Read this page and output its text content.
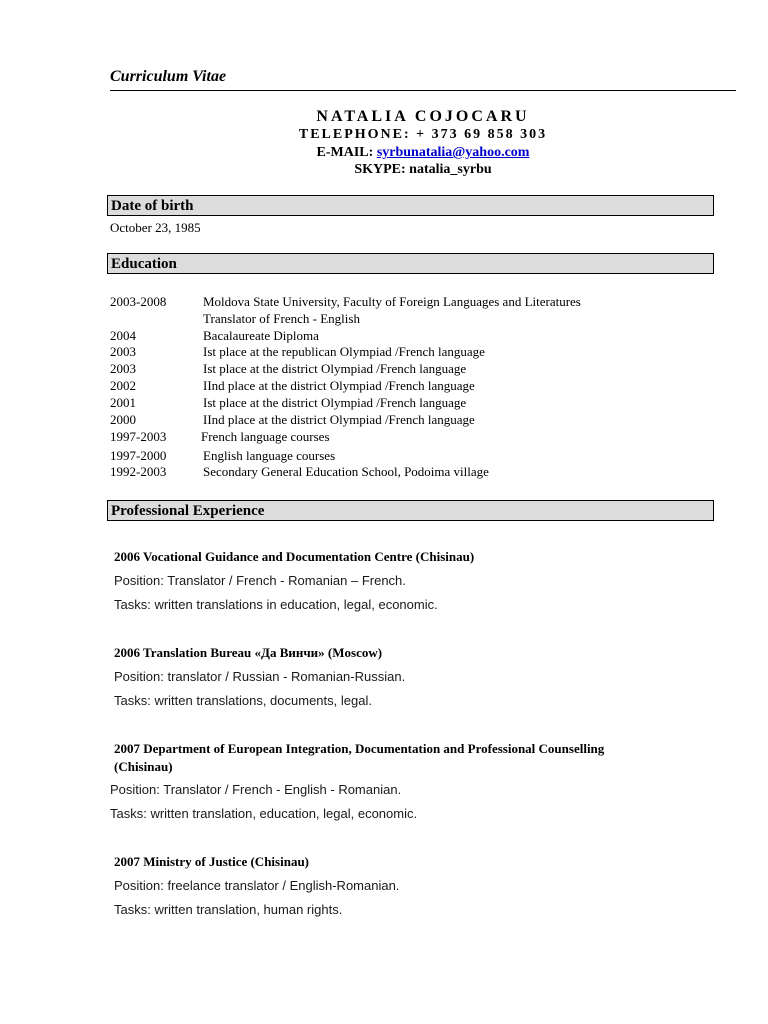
Curriculum Vitae
NATALIA COJOCARU
TELEPHONE: + 373 69 858 303
E-MAIL: syrbunatalia@yahoo.com
SKYPE: natalia_syrbu
Date of birth
October 23, 1985
Education
2003-2008	Moldova State University, Faculty of Foreign Languages and Literatures
Translator of French - English
2004	Bacalaureate Diploma
2003	Ist place at the republican Olympiad /French language
2003	Ist place at the district Olympiad /French language
2002	IInd place at the district Olympiad /French language
2001	Ist place at the district Olympiad /French language
2000	IInd place at the district Olympiad /French language
1997-2003	French language courses
1997-2000	English language courses
1992-2003	Secondary General Education School, Podoima village
Professional Experience
2006 Vocational Guidance and Documentation Centre (Chisinau)
Position: Translator / French - Romanian – French.
Tasks: written translations in education, legal, economic.
2006 Translation Bureau «Да Винчи» (Moscow)
Position: translator / Russian - Romanian-Russian.
Tasks: written translations, documents, legal.
2007 Department of European Integration, Documentation and Professional Counselling
(Chisinau)
Position: Translator / French - English - Romanian.
Tasks: written translation, education, legal, economic.
2007 Ministry of Justice (Chisinau)
Position: freelance translator / English-Romanian.
Tasks: written translation, human rights.
